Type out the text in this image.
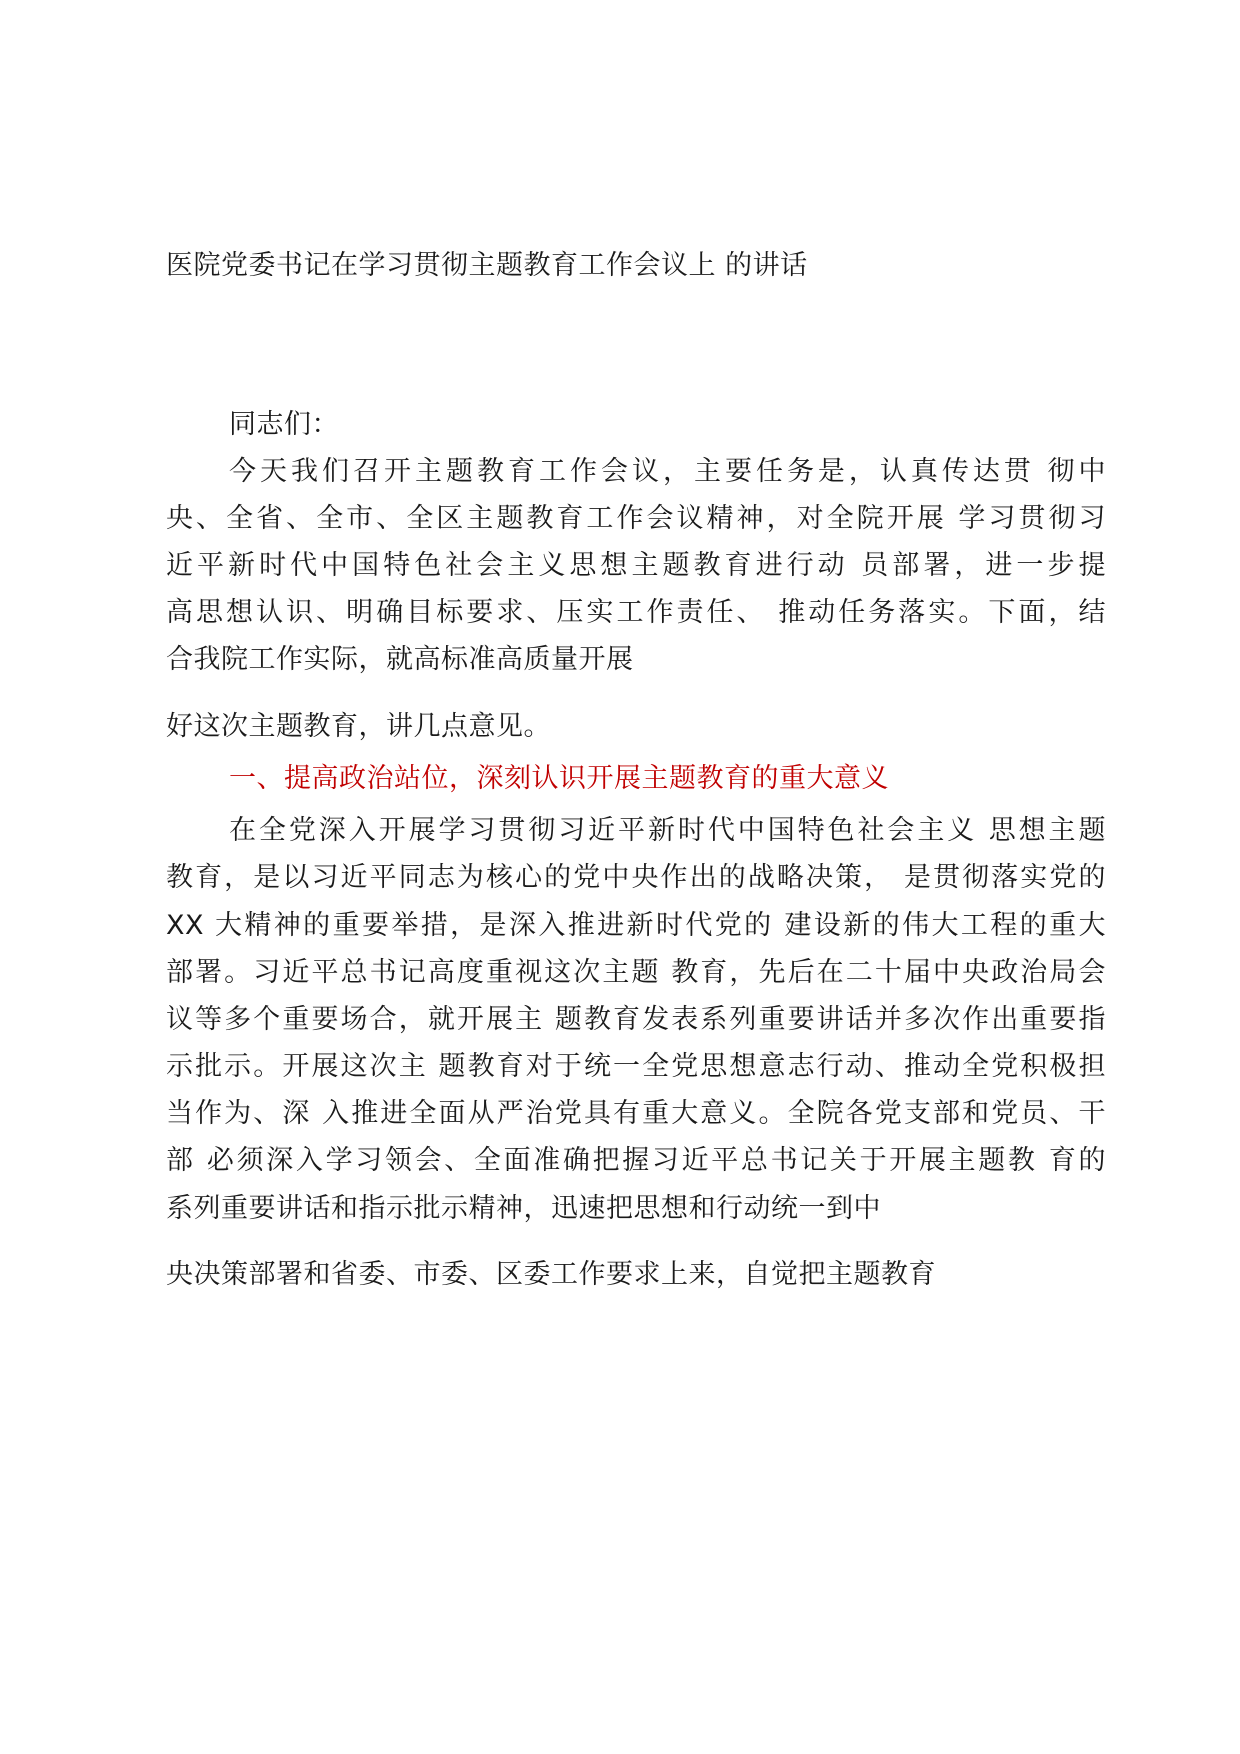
医院党委书记在学习贯彻主题教育工作会议上 的讲话
同志们：
今天我们召开主题教育工作会议，主要任务是，认真传达贯 彻中
央、全省、全市、全区主题教育工作会议精神，对全院开展 学习贯彻习
近平新时代中国特色社会主义思想主题教育进行动 员部署，进一步提
高思想认识、明确目标要求、压实工作责任、 推动任务落实。下面，结
合我院工作实际，就高标准高质量开展
好这次主题教育，讲几点意见。
一、提高政治站位，深刻认识开展主题教育的重大意义
在全党深入开展学习贯彻习近平新时代中国特色社会主义 思想主题
教育，是以习近平同志为核心的党中央作出的战略决策， 是贯彻落实党的
XX 大精神的重要举措，是深入推进新时代党的 建设新的伟大工程的重大
部署。习近平总书记高度重视这次主题 教育，先后在二十届中央政治局会
议等多个重要场合，就开展主 题教育发表系列重要讲话并多次作出重要指
示批示。开展这次主 题教育对于统一全党思想意志行动、推动全党积极担
当作为、深 入推进全面从严治党具有重大意义。全院各党支部和党员、干
部 必须深入学习领会、全面准确把握习近平总书记关于开展主题教 育的
系列重要讲话和指示批示精神，迅速把思想和行动统一到中
央决策部署和省委、市委、区委工作要求上来，自觉把主题教育
